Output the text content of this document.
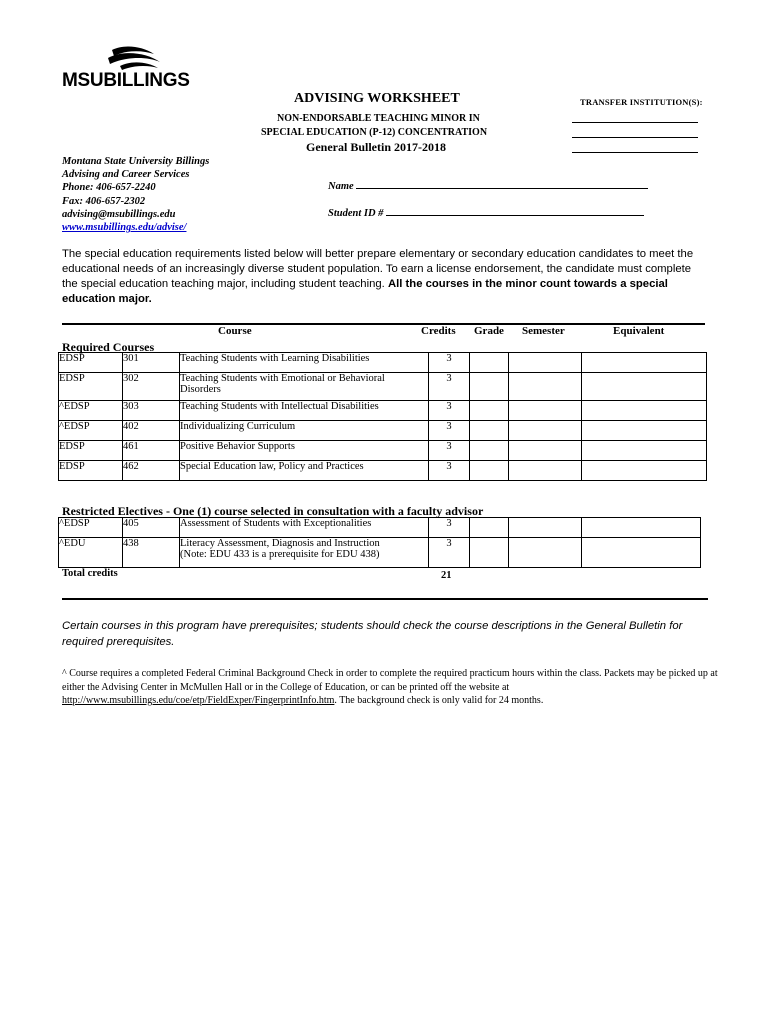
MSUBILLINGS
ADVISING WORKSHEET
NON-ENDORSABLE TEACHING MINOR IN
SPECIAL EDUCATION (P-12) CONCENTRATION
General Bulletin 2017-2018
TRANSFER INSTITUTION(S):
Montana State University Billings
Advising and Career Services
Phone: 406-657-2240
Fax: 406-657-2302
advising@msubillings.edu
www.msubillings.edu/advise/
Name
Student ID #
The special education requirements listed below will better prepare elementary or secondary education candidates to meet the educational needs of an increasingly diverse student population. To earn a license endorsement, the candidate must complete the special education teaching major, including student teaching. All the courses in the minor count towards a special education major.
Course	Credits Grade Semester	Equivalent
Required Courses
EDSP	301	Teaching Students with Learning Disabilities	3			
EDSP	302	Teaching Students with Emotional or Behavioral Disorders	3			
^EDSP	303	Teaching Students with Intellectual Disabilities	3			
^EDSP	402	Individualizing Curriculum	3			
EDSP	461	Positive Behavior Supports	3			
EDSP	462	Special Education law, Policy and Practices	3			
Restricted Electives - One (1) course selected in consultation with a faculty advisor
^EDSP	405	Assessment of Students with Exceptionalities	3			
^EDU	438	Literacy Assessment, Diagnosis and Instruction
(Note: EDU 433 is a prerequisite for EDU 438)	3			
Total credits	21
Certain courses in this program have prerequisites; students should check the course descriptions in the General Bulletin for required prerequisites.
^ Course requires a completed Federal Criminal Background Check in order to complete the required practicum hours within the class. Packets may be picked up at either the Advising Center in McMullen Hall or in the College of Education, or can be printed off the website at http://www.msubillings.edu/coe/etp/FieldExper/FingerprintInfo.htm. The background check is only valid for 24 months.
